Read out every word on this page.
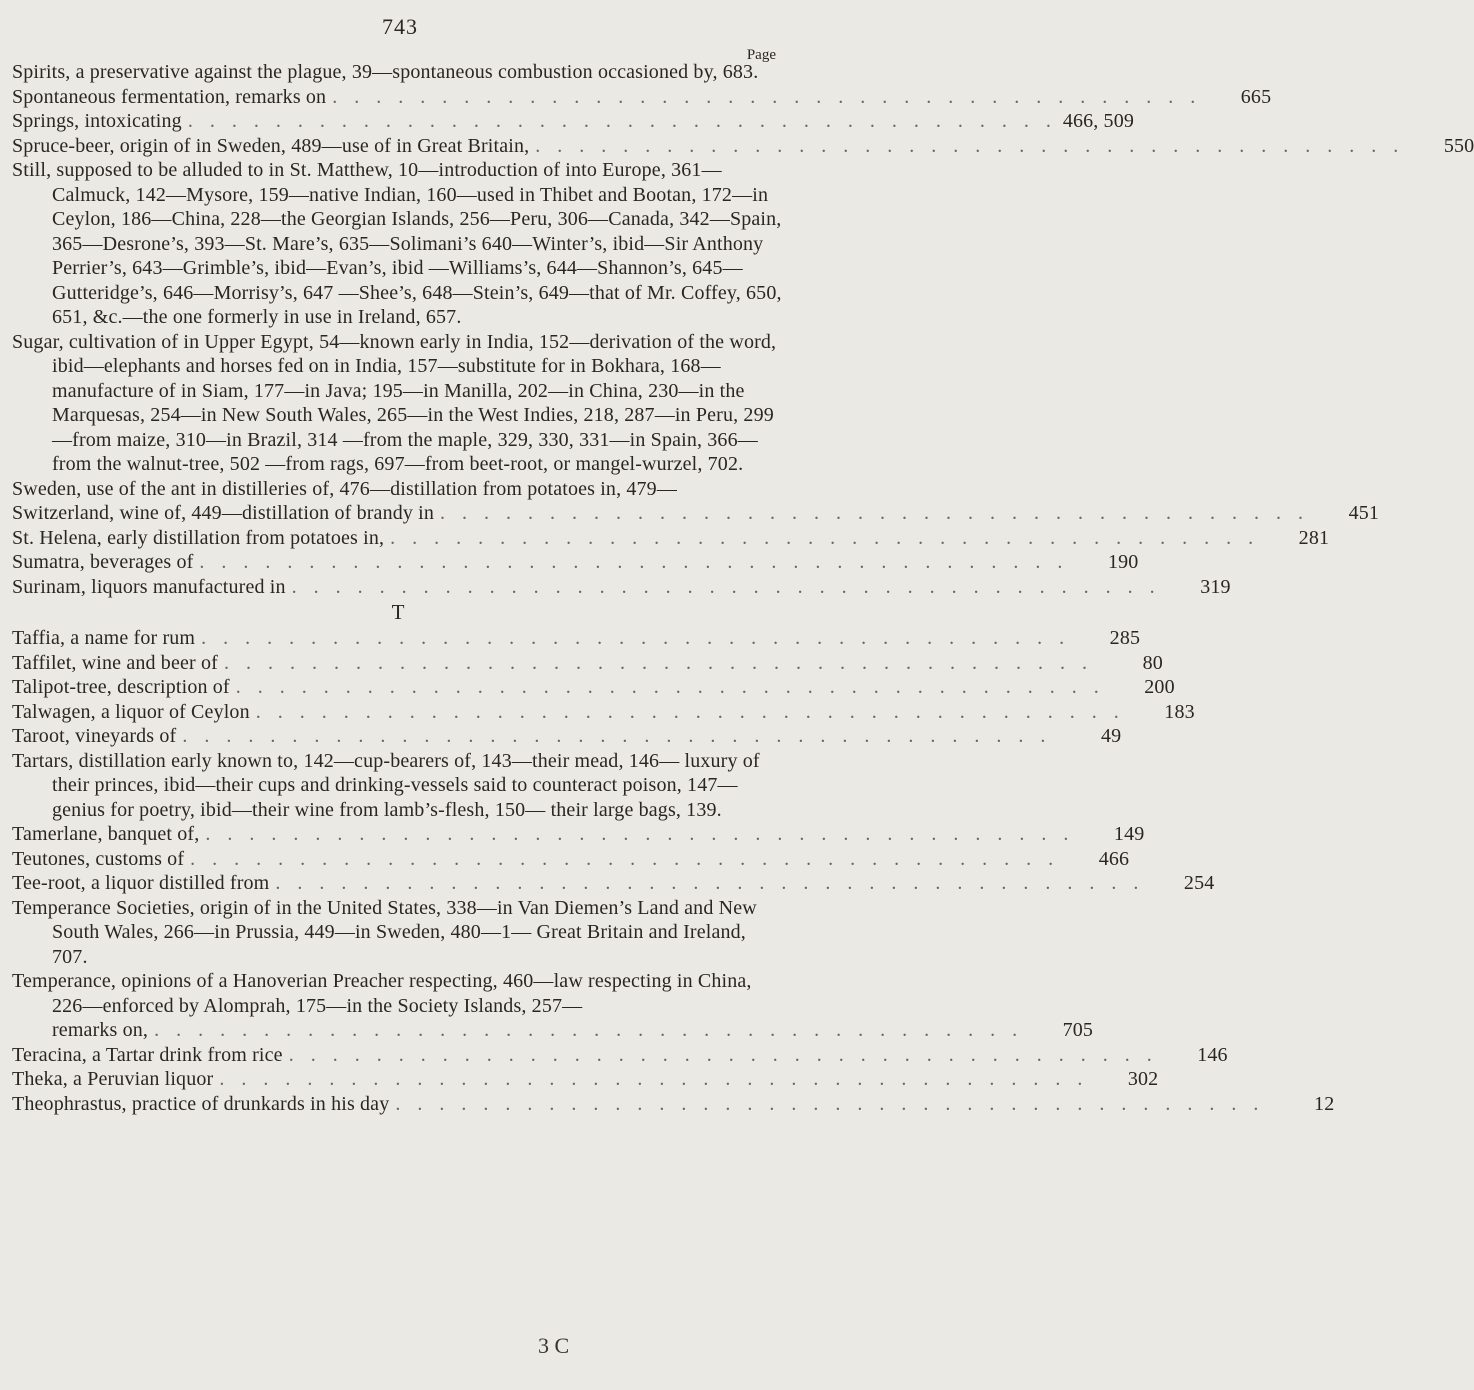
743
Page
Spirits, a preservative against the plague, 39—spontaneous combustion occasioned by, 683.
Spontaneous fermentation, remarks on . . . . . . . . . . . . . . . . . . . . . . . . . . . . . . . . . . . . . . . .	665
Springs, intoxicating . . . . . . . . . . . . . . . . . . . . . . . . . . . . . . . . . . . . . . . . 466, 509
Spruce-beer, origin of in Sweden, 489—use of in Great Britain, . . . . . . . . . . . . . . . . . . . . . . . . . . . . . . . . . . . . . . . .	550
Still, supposed to be alluded to in St. Matthew, 10—introduction of into Europe, 361—Calmuck, 142—Mysore, 159—native Indian, 160—used in Thibet and Bootan, 172—in Ceylon, 186—China, 228—the Georgian Islands, 256—Peru, 306—Canada, 342—Spain, 365—Desrone’s, 393—St. Mare’s, 635—Solimani’s 640—Winter’s, ibid—Sir Anthony Perrier’s, 643—Grimble’s, ibid—Evan’s, ibid —Williams’s, 644—Shannon’s, 645—Gutteridge’s, 646—Morrisy’s, 647 —Shee’s, 648—Stein’s, 649—that of Mr. Coffey, 650, 651, &c.—the one formerly in use in Ireland, 657.
Sugar, cultivation of in Upper Egypt, 54—known early in India, 152—derivation of the word, ibid—elephants and horses fed on in India, 157—substitute for in Bokhara, 168—manufacture of in Siam, 177—in Java; 195—in Manilla, 202—in China, 230—in the Marquesas, 254—in New South Wales, 265—in the West Indies, 218, 287—in Peru, 299—from maize, 310—in Brazil, 314 —from the maple, 329, 330, 331—in Spain, 366—from the walnut-tree, 502 —from rags, 697—from beet-root, or mangel-wurzel, 702.
Sweden, use of the ant in distilleries of, 476—distillation from potatoes in, 479—
Switzerland, wine of, 449—distillation of brandy in . . . . . . . . . . . . . . . . . . . . . . . . . . . . . . . . . . . . . . . .	451
St. Helena, early distillation from potatoes in, . . . . . . . . . . . . . . . . . . . . . . . . . . . . . . . . . . . . . . . .	281
Sumatra, beverages of . . . . . . . . . . . . . . . . . . . . . . . . . . . . . . . . . . . . . . . .	190
Surinam, liquors manufactured in . . . . . . . . . . . . . . . . . . . . . . . . . . . . . . . . . . . . . . . .	319
T
Taffia, a name for rum . . . . . . . . . . . . . . . . . . . . . . . . . . . . . . . . . . . . . . . .	285
Taffilet, wine and beer of . . . . . . . . . . . . . . . . . . . . . . . . . . . . . . . . . . . . . . . .	80
Talipot-tree, description of . . . . . . . . . . . . . . . . . . . . . . . . . . . . . . . . . . . . . . . .	200
Talwagen, a liquor of Ceylon . . . . . . . . . . . . . . . . . . . . . . . . . . . . . . . . . . . . . . . .	183
Taroot, vineyards of . . . . . . . . . . . . . . . . . . . . . . . . . . . . . . . . . . . . . . . .	49
Tartars, distillation early known to, 142—cup-bearers of, 143—their mead, 146— luxury of their princes, ibid—their cups and drinking-vessels said to counteract poison, 147—genius for poetry, ibid—their wine from lamb’s-flesh, 150— their large bags, 139.
Tamerlane, banquet of, . . . . . . . . . . . . . . . . . . . . . . . . . . . . . . . . . . . . . . . .	149
Teutones, customs of . . . . . . . . . . . . . . . . . . . . . . . . . . . . . . . . . . . . . . . .	466
Tee-root, a liquor distilled from . . . . . . . . . . . . . . . . . . . . . . . . . . . . . . . . . . . . . . . .	254
Temperance Societies, origin of in the United States, 338—in Van Diemen’s Land and New South Wales, 266—in Prussia, 449—in Sweden, 480—1— Great Britain and Ireland, 707.
Temperance, opinions of a Hanoverian Preacher respecting, 460—law respecting in China, 226—enforced by Alomprah, 175—in the Society Islands, 257—
remarks on, . . . . . . . . . . . . . . . . . . . . . . . . . . . . . . . . . . . . . . . .	705
Teracina, a Tartar drink from rice . . . . . . . . . . . . . . . . . . . . . . . . . . . . . . . . . . . . . . . .	146
Theka, a Peruvian liquor . . . . . . . . . . . . . . . . . . . . . . . . . . . . . . . . . . . . . . . .	302
Theophrastus, practice of drunkards in his day . . . . . . . . . . . . . . . . . . . . . . . . . . . . . . . . . . . . . . . .	12
3 C
